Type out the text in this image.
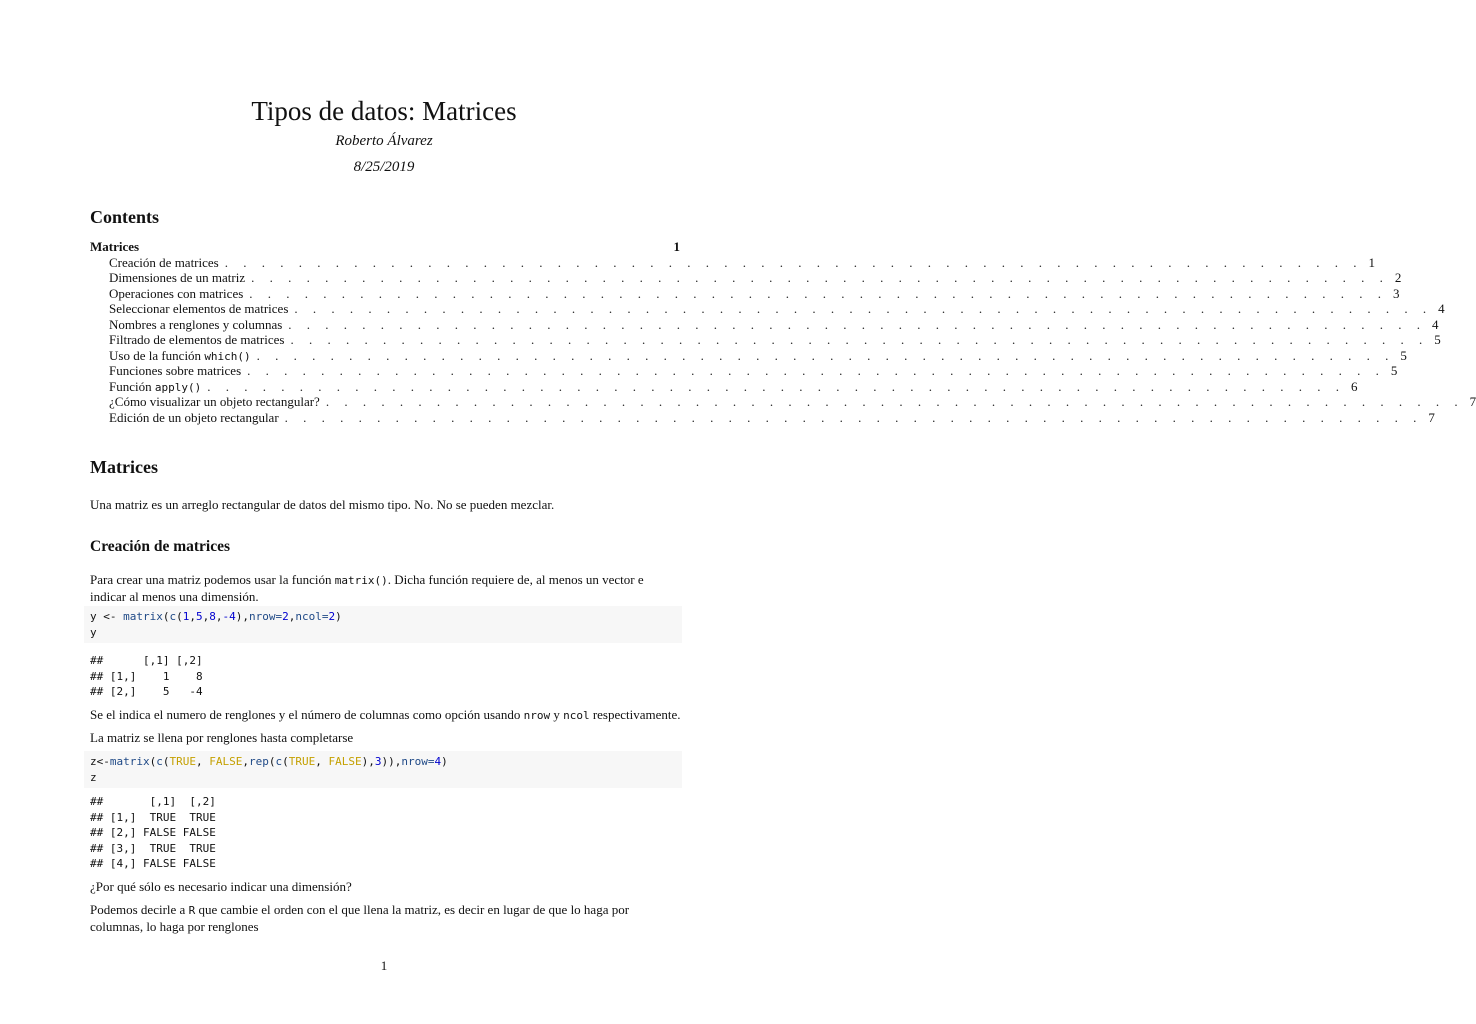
Tipos de datos: Matrices
Roberto Álvarez
8/25/2019
Contents
Matrices	1
Creación de matrices . . . . . . . . . . . . . . . . . . . . . . . . . . . . . . . . . . . . . . . . . . . . . . . . . . . . . . . . . . . . . . 1
Dimensiones de un matriz . . . . . . . . . . . . . . . . . . . . . . . . . . . . . . . . . . . . . . . . . . . . . . . . . . . . . . . . . . . . . . 2
Operaciones con matrices . . . . . . . . . . . . . . . . . . . . . . . . . . . . . . . . . . . . . . . . . . . . . . . . . . . . . . . . . . . . . . 3
Seleccionar elementos de matrices . . . . . . . . . . . . . . . . . . . . . . . . . . . . . . . . . . . . . . . . . . . . . . . . . . . . . . . . . . . . . . 4
Nombres a renglones y columnas . . . . . . . . . . . . . . . . . . . . . . . . . . . . . . . . . . . . . . . . . . . . . . . . . . . . . . . . . . . . . . 4
Filtrado de elementos de matrices . . . . . . . . . . . . . . . . . . . . . . . . . . . . . . . . . . . . . . . . . . . . . . . . . . . . . . . . . . . . . . 5
Uso de la función which() . . . . . . . . . . . . . . . . . . . . . . . . . . . . . . . . . . . . . . . . . . . . . . . . . . . . . . . . . . . . . . 5
Funciones sobre matrices . . . . . . . . . . . . . . . . . . . . . . . . . . . . . . . . . . . . . . . . . . . . . . . . . . . . . . . . . . . . . . 5
Función apply() . . . . . . . . . . . . . . . . . . . . . . . . . . . . . . . . . . . . . . . . . . . . . . . . . . . . . . . . . . . . . . 6
¿Cómo visualizar un objeto rectangular? . . . . . . . . . . . . . . . . . . . . . . . . . . . . . . . . . . . . . . . . . . . . . . . . . . . . . . . . . . . . . . 7
Edición de un objeto rectangular . . . . . . . . . . . . . . . . . . . . . . . . . . . . . . . . . . . . . . . . . . . . . . . . . . . . . . . . . . . . . . 7
Matrices
Una matriz es un arreglo rectangular de datos del mismo tipo. No. No se pueden mezclar.
Creación de matrices
Para crear una matriz podemos usar la función matrix(). Dicha función requiere de, al menos un vector e indicar al menos una dimensión.
y <- matrix(c(1,5,8,-4),nrow=2,ncol=2)
y
##      [,1] [,2]
## [1,]    1    8
## [2,]    5   -4
Se el indica el numero de renglones y el número de columnas como opción usando nrow y ncol respectivamente.
La matriz se llena por renglones hasta completarse
z<-matrix(c(TRUE, FALSE,rep(c(TRUE, FALSE),3)),nrow=4)
z
##       [,1]  [,2]
## [1,]  TRUE  TRUE
## [2,] FALSE FALSE
## [3,]  TRUE  TRUE
## [4,] FALSE FALSE
¿Por qué sólo es necesario indicar una dimensión?
Podemos decirle a R que cambie el orden con el que llena la matriz, es decir en lugar de que lo haga por columnas, lo haga por renglones
1
